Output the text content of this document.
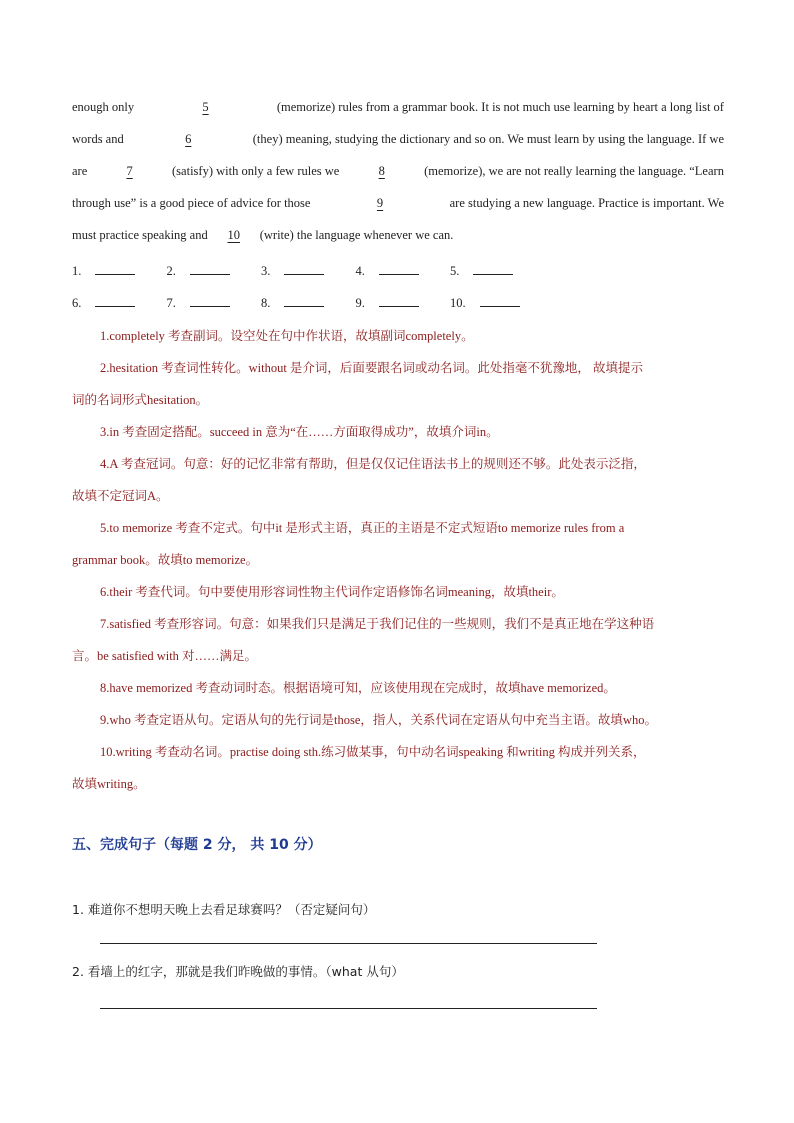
enough only	5	(memorize) rules from a grammar book. It is not much use learning by heart a long list of
words and	6	(they) meaning, studying the dictionary and so on. We must learn by using the language. If we
are	7	(satisfy) with only a few rules we	8	(memorize), we are not really learning the language. “Learn
through use” is a good piece of advice for those	9	are studying a new language. Practice is important. We
must practice speaking and	10	(write) the language whenever we can.
1.	2.	3.	4.	5.
6.	7.	8.	9.	10.
1.completely 考查副词。设空处在句中作状语，故填副词completely。
2.hesitation 考查词性转化。without 是介词，后面要跟名词或动名词。此处指毫不犹豫地， 故填提示
词的名词形式hesitation。
3.in 考查固定搭配。succeed in 意为“在……方面取得成功”，故填介词in。
4.A 考查冠词。句意：好的记忆非常有帮助，但是仅仅记住语法书上的规则还不够。此处表示泛指，
故填不定冠词A。
5.to memorize 考查不定式。句中it 是形式主语，真正的主语是不定式短语to memorize rules from a
grammar book。故填to memorize。
6.their 考查代词。句中要使用形容词性物主代词作定语修饰名词meaning，故填their。
7.satisfied 考查形容词。句意：如果我们只是满足于我们记住的一些规则，我们不是真正地在学这种语
言。be satisfied with 对……满足。
8.have memorized 考查动词时态。根据语境可知，应该使用现在完成时，故填have memorized。
9.who 考查定语从句。定语从句的先行词是those，指人，关系代词在定语从句中充当主语。故填who。
10.writing 考查动名词。practise doing sth.练习做某事，句中动名词speaking 和writing 构成并列关系，
故填writing。
五、完成句子（每题 2 分， 共 10 分）
1. 难道你不想明天晚上去看足球赛吗？（否定疑问句）
2. 看墙上的红字，那就是我们昨晚做的事情。（what 从句）
